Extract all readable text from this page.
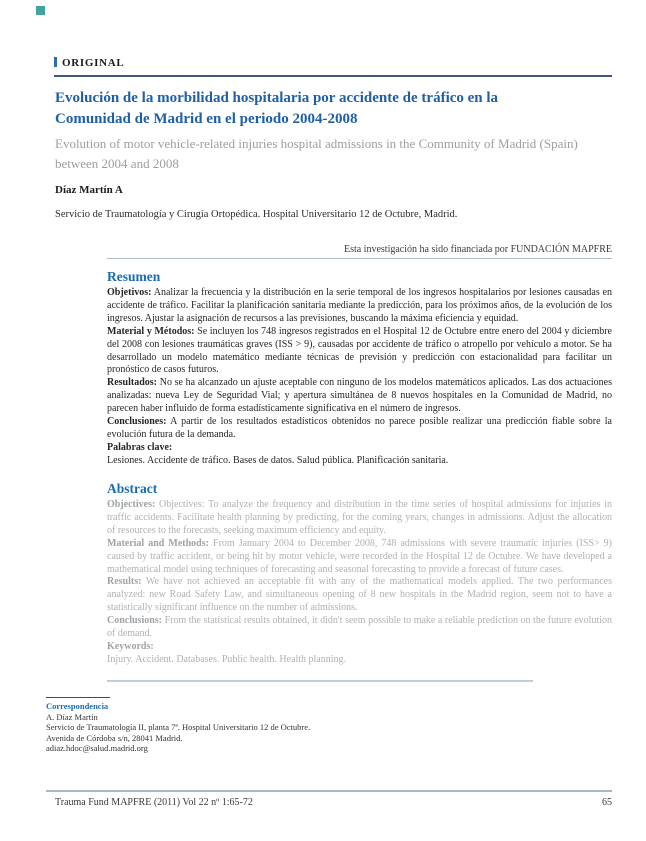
ORIGINAL
Evolución de la morbilidad hospitalaria por accidente de tráfico en la Comunidad de Madrid en el periodo 2004-2008
Evolution of motor vehicle-related injuries hospital admissions in the Community of Madrid (Spain) between 2004 and 2008
Díaz Martín A
Servicio de Traumatología y Cirugía Ortopédica. Hospital Universitario 12 de Octubre, Madrid.
Esta investigación ha sido financiada por FUNDACIÓN MAPFRE
Resumen

Objetivos: Analizar la frecuencia y la distribución en la serie temporal de los ingresos hospitalarios por lesiones causadas en accidente de tráfico. Facilitar la planificación sanitaria mediante la predicción, para los próximos años, de la evolución de los ingresos. Ajustar la asignación de recursos a las previsiones, buscando la máxima eficiencia y equidad.

Material y Métodos: Se incluyen los 748 ingresos registrados en el Hospital 12 de Octubre entre enero del 2004 y diciembre del 2008 con lesiones traumáticas graves (ISS > 9), causadas por accidente de tráfico o atropello por vehículo a motor. Se ha desarrollado un modelo matemático mediante técnicas de previsión y predicción con estacionalidad para facilitar un pronóstico de casos futuros.

Resultados: No se ha alcanzado un ajuste aceptable con ninguno de los modelos matemáticos aplicados. Las dos actuaciones analizadas: nueva Ley de Seguridad Vial; y apertura simultánea de 8 nuevos hospitales en la Comunidad de Madrid, no parecen haber influido de forma estadísticamente significativa en el número de ingresos.

Conclusiones: A partir de los resultados estadísticos obtenidos no parece posible realizar una predicción fiable sobre la evolución futura de la demanda.

Palabras clave:

Lesiones. Accidente de tráfico. Bases de datos. Salud pública. Planificación sanitaria.

Abstract

Objectives: Objectives: To analyze the frequency and distribution in the time series of hospital admissions for injuries in traffic accidents. Facilitate health planning by predicting, for the coming years, changes in admissions. Adjust the allocation of resources to the forecasts, seeking maximum efficiency and equity.

Material and Methods: From January 2004 to December 2008, 748 admissions with severe traumatic injuries (ISS> 9) caused by traffic accident, or being hit by motor vehicle, were recorded in the Hospital 12 de Octubre. We have developed a mathematical model using techniques of forecasting and seasonal forecasting to provide a forecast of future cases.

Results: We have not achieved an acceptable fit with any of the mathematical models applied. The two performances analyzed: new Road Safety Law, and simultaneous opening of 8 new hospitals in the Madrid region, seem not to have a statistically significant influence on the number of admissions.

Conclusions: From the statistical results obtained, it didn't seem possible to make a reliable prediction on the future evolution of demand.

Keywords:

Injury. Accident. Databases. Public health. Health planning.

Correspondencia
A. Díaz Martín
Servicio de Traumatología II, planta 7ª. Hospital Universitario 12 de Octubre.
Avenida de Córdoba s/n, 28041 Madrid.
adiaz.hdoc@salud.madrid.org
Trauma Fund MAPFRE (2011) Vol 22 nº 1:65-72	65
